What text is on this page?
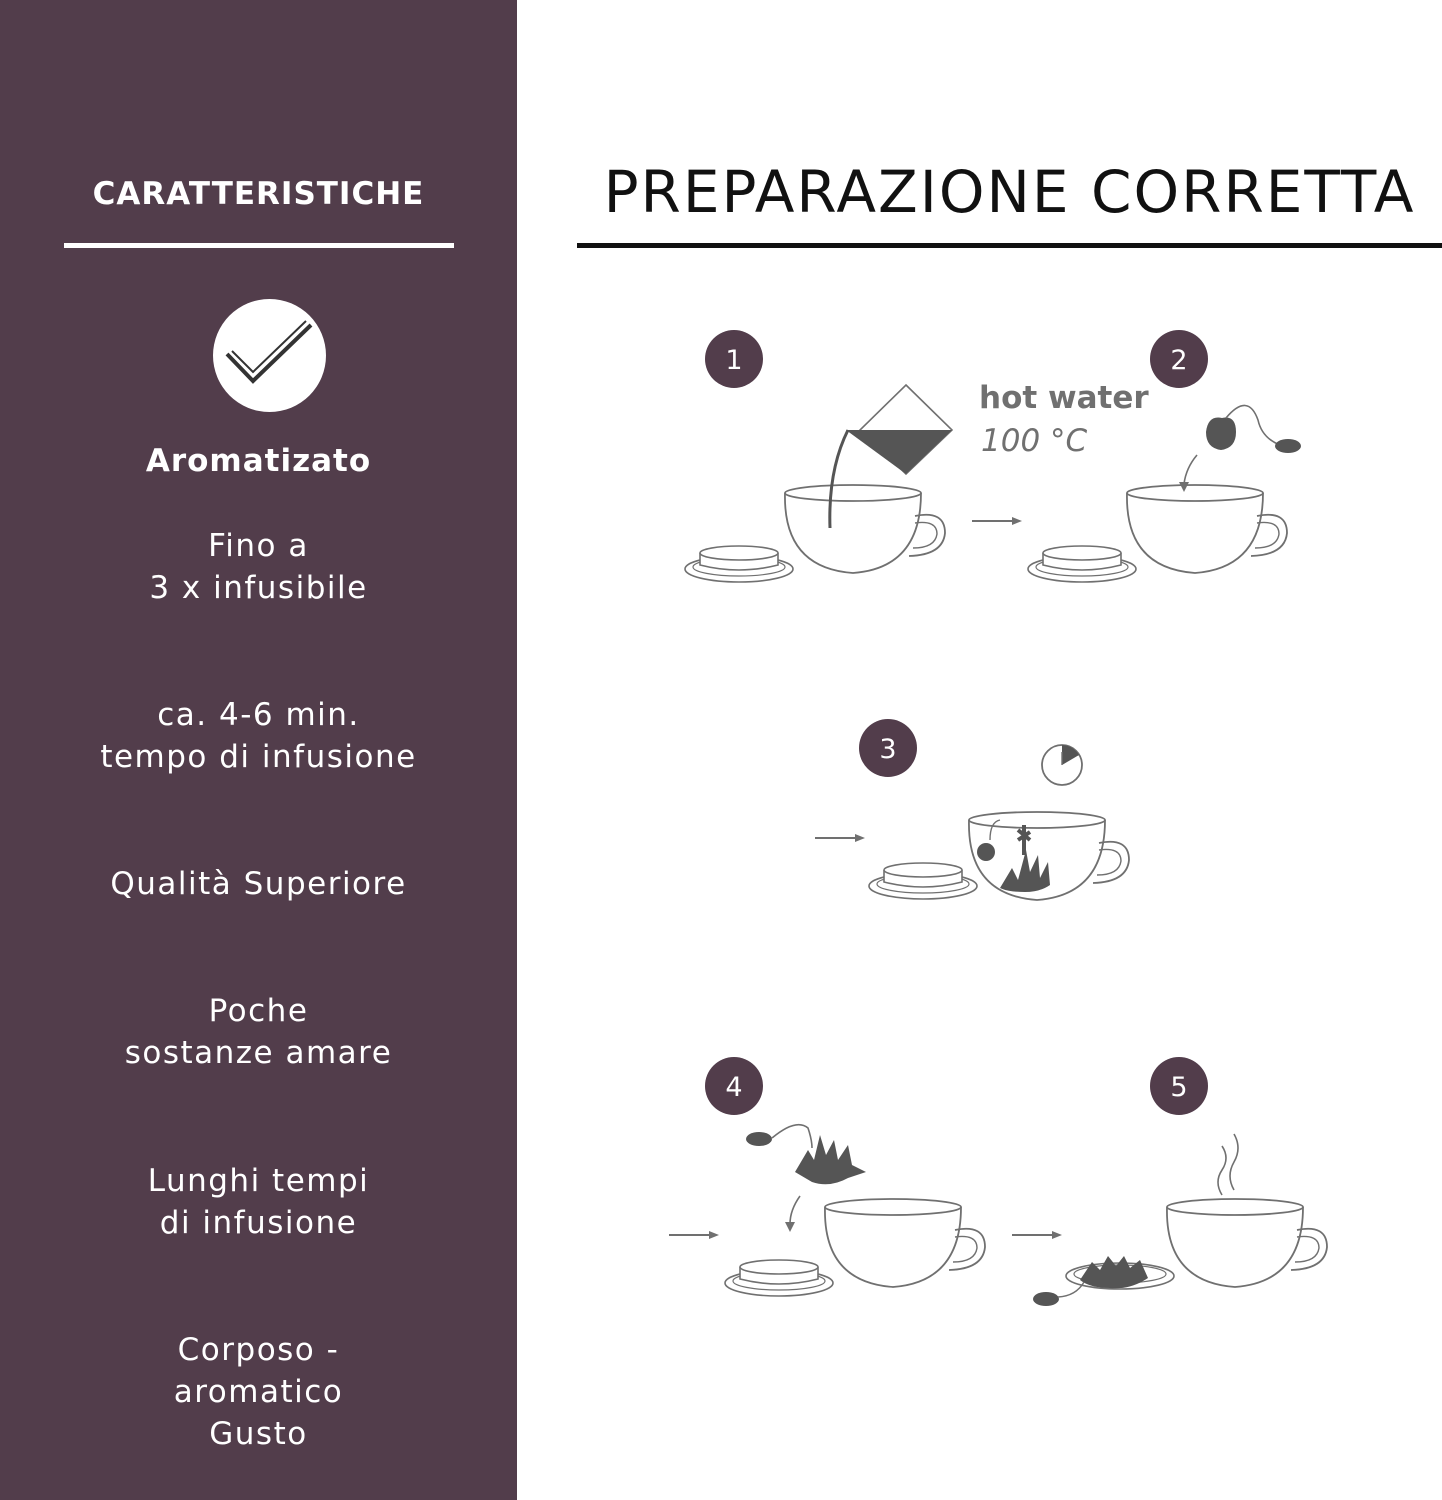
CARATTERISTICHE
Aromatizato
Fino a
3 x infusibile
ca. 4-6 min.
tempo di infusione
Qualità Superiore
Poche
sostanze amare
Lunghi tempi
di infusione
Corposo -
aromatico
Gusto
PREPARAZIONE CORRETTA
hot water
100 °C
1	2
3
4	5
